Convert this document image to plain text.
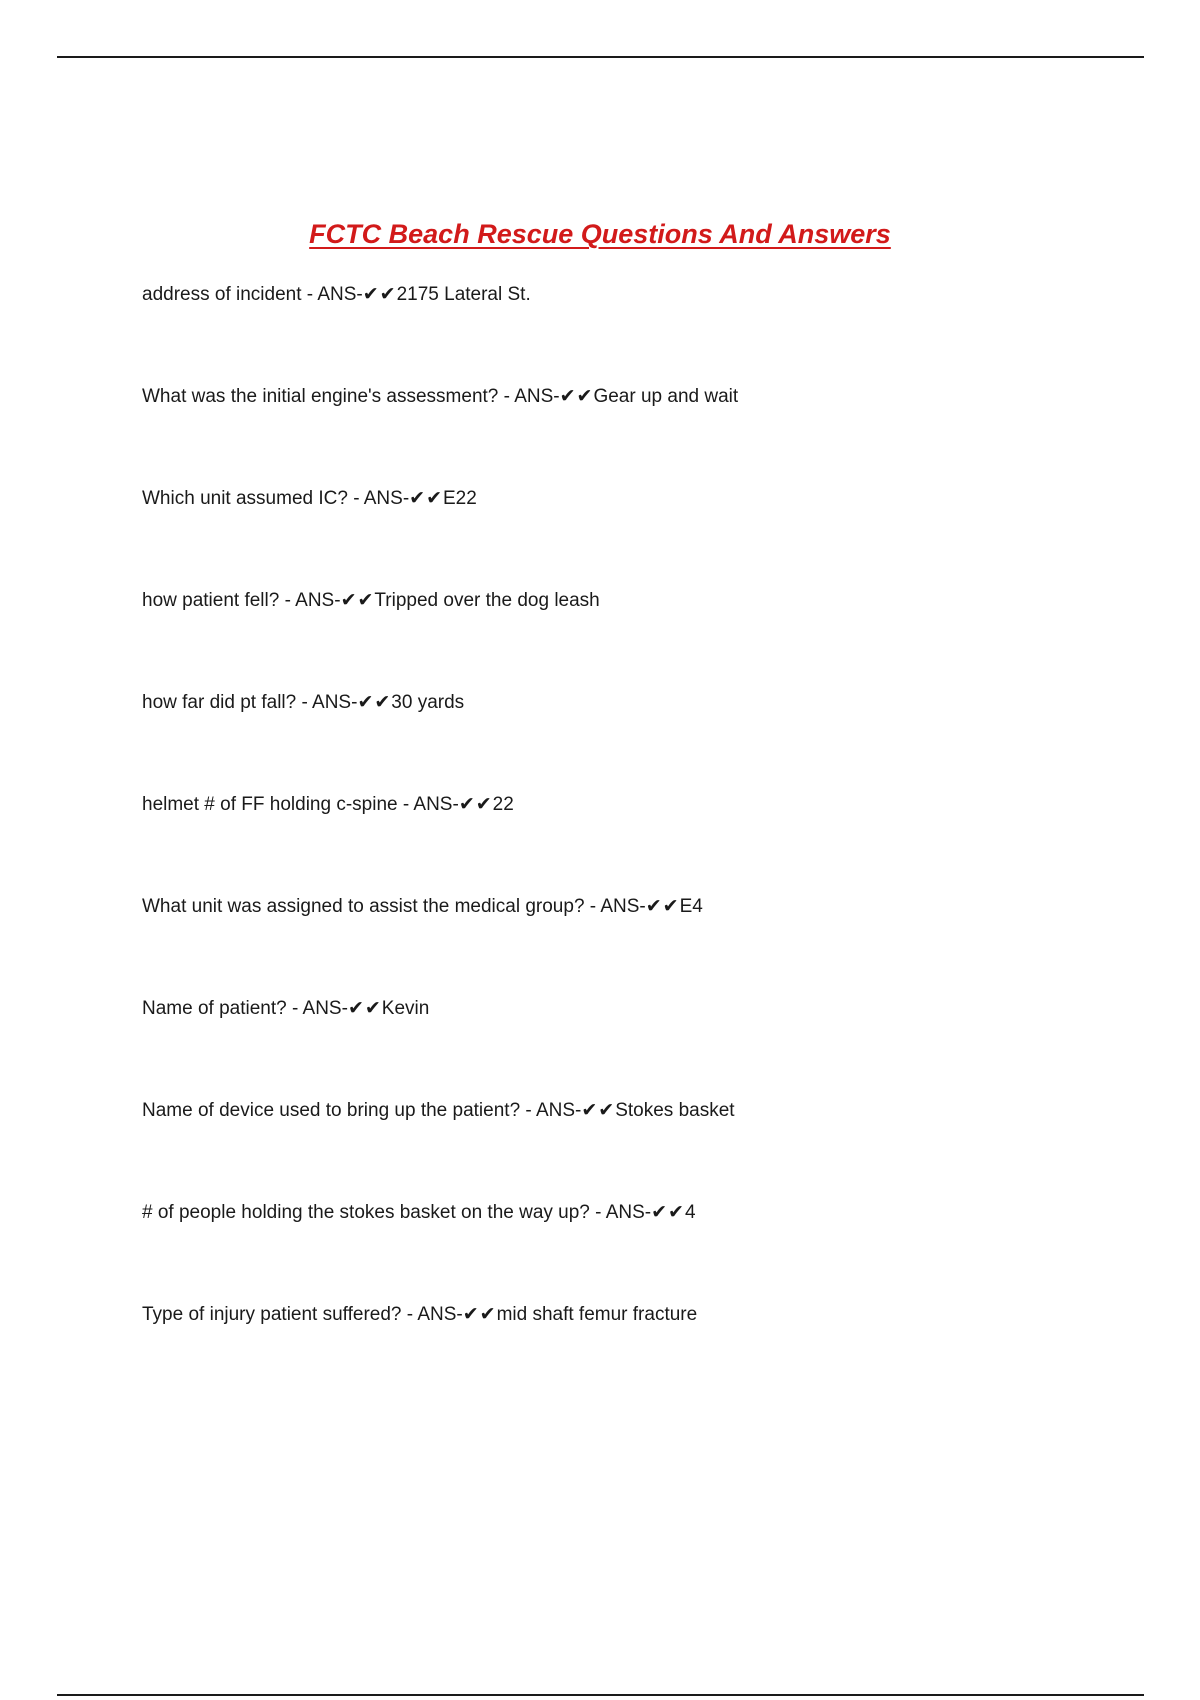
FCTC Beach Rescue Questions And Answers
address of incident - ANS-✔✔2175 Lateral St.
What was the initial engine's assessment? - ANS-✔✔Gear up and wait
Which unit assumed IC? - ANS-✔✔E22
how patient fell? - ANS-✔✔Tripped over the dog leash
how far did pt fall? - ANS-✔✔30 yards
helmet # of FF holding c-spine - ANS-✔✔22
What unit was assigned to assist the medical group? - ANS-✔✔E4
Name of patient? - ANS-✔✔Kevin
Name of device used to bring up the patient? - ANS-✔✔Stokes basket
# of people holding the stokes basket on the way up? - ANS-✔✔4
Type of injury patient suffered? - ANS-✔✔mid shaft femur fracture
